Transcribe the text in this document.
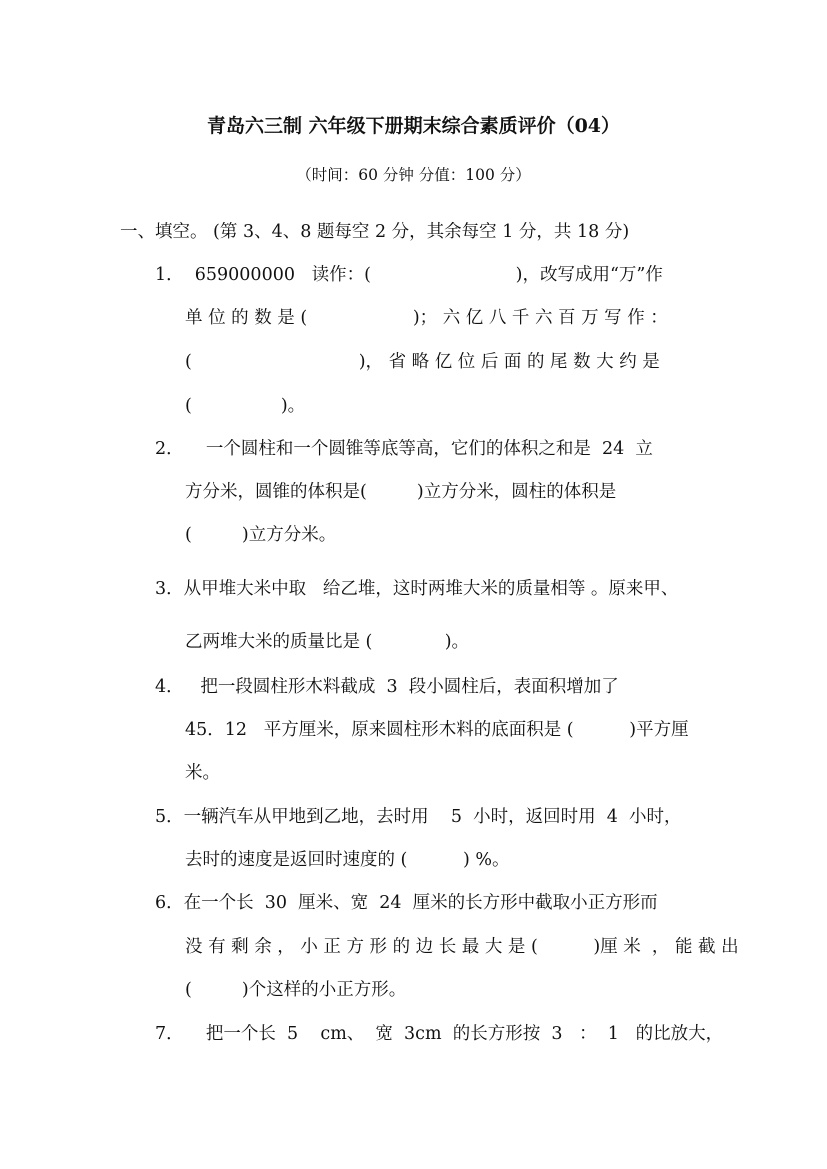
青岛六三制 六年级下册期末综合素质评价（04）
（时间：60 分钟 分值：100 分）
一、填空。 (第 3、4、8 题每空 2 分，其余每空 1 分，共 18 分)
1．  659000000   读作：(                          )，改写成用“万”作
单 位 的 数 是 (                   )； 六 亿 八 千 六 百 万 写 作 ：
(                              )， 省 略 亿 位 后 面 的 尾 数 大 约 是
(                )。
2．    一个圆柱和一个圆锥等底等高，它们的体积之和是  24  立
方分米，圆锥的体积是(         )立方分米，圆柱的体积是
(         )立方分米。
3．从甲堆大米中取   给乙堆，这时两堆大米的质量相等 。原来甲、
乙两堆大米的质量比是 (             )。
4．   把一段圆柱形木料截成  3  段小圆柱后，表面积增加了
45．12   平方厘米，原来圆柱形木料的底面积是 (          )平方厘
米。
5．一辆汽车从甲地到乙地，去时用    5  小时，返回时用  4  小时，
去时的速度是返回时速度的 (          ) %。
6．在一个长  30  厘米、宽  24  厘米的长方形中截取小正方形而
没 有 剩 余 ， 小 正 方 形 的 边 长 最 大 是 (          )厘 米  ， 能 截 出
(         )个这样的小正方形。
7．    把一个长  5    cm、  宽  3cm  的长方形按  3   ：  1   的比放大，
